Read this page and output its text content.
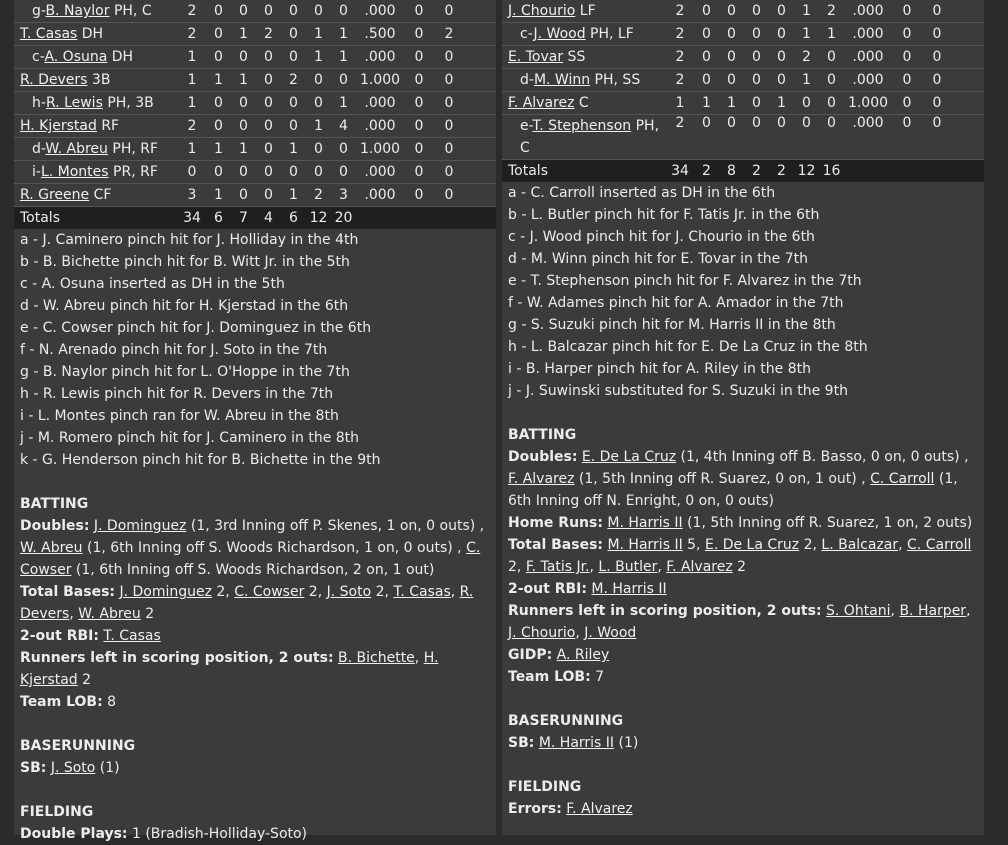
g-B. Naylor PH, C	2	0	0	0	0	0	0	.000	0	0	
T. Casas DH	2	0	1	2	0	1	1	.500	0	2	
c-A. Osuna DH	1	0	0	0	0	1	1	.000	0	0	
R. Devers 3B	1	1	1	0	2	0	0	1.000	0	0	
h-R. Lewis PH, 3B	1	0	0	0	0	0	1	.000	0	0	
H. Kjerstad RF	2	0	0	0	0	1	4	.000	0	0	
d-W. Abreu PH, RF	1	1	1	0	1	0	0	1.000	0	0	
i-L. Montes PR, RF	0	0	0	0	0	0	0	.000	0	0	
R. Greene CF	3	1	0	0	1	2	3	.000	0	0	
Totals	34	6	7	4	6	12	20				
a - J. Caminero pinch hit for J. Holliday in the 4th
b - B. Bichette pinch hit for B. Witt Jr. in the 5th
c - A. Osuna inserted as DH in the 5th
d - W. Abreu pinch hit for H. Kjerstad in the 6th
e - C. Cowser pinch hit for J. Dominguez in the 6th
f - N. Arenado pinch hit for J. Soto in the 7th
g - B. Naylor pinch hit for L. O'Hoppe in the 7th
h - R. Lewis pinch hit for R. Devers in the 7th
i - L. Montes pinch ran for W. Abreu in the 8th
j - M. Romero pinch hit for J. Caminero in the 8th
k - G. Henderson pinch hit for B. Bichette in the 9th
BATTING
Doubles: J. Dominguez (1, 3rd Inning off P. Skenes, 1 on, 0 outs) , W. Abreu (1, 6th Inning off S. Woods Richardson, 1 on, 0 outs) , C. Cowser (1, 6th Inning off S. Woods Richardson, 2 on, 1 out)
Total Bases: J. Dominguez 2, C. Cowser 2, J. Soto 2, T. Casas, R. Devers, W. Abreu 2
2-out RBI: T. Casas
Runners left in scoring position, 2 outs: B. Bichette, H. Kjerstad 2
Team LOB: 8
BASERUNNING
SB: J. Soto (1)
FIELDING
Double Plays: 1 (Bradish-Holliday-Soto)
J. Chourio LF	2	0	0	0	0	1	2	.000	0	0	
c-J. Wood PH, LF	2	0	0	0	0	1	1	.000	0	0	
E. Tovar SS	2	0	0	0	0	2	0	.000	0	0	
d-M. Winn PH, SS	2	0	0	0	0	1	0	.000	0	0	
F. Alvarez C	1	1	1	0	1	0	0	1.000	0	0	
e-T. Stephenson PH, C	2	0	0	0	0	0	0	.000	0	0	
Totals	34	2	8	2	2	12	16				
a - C. Carroll inserted as DH in the 6th
b - L. Butler pinch hit for F. Tatis Jr. in the 6th
c - J. Wood pinch hit for J. Chourio in the 6th
d - M. Winn pinch hit for E. Tovar in the 7th
e - T. Stephenson pinch hit for F. Alvarez in the 7th
f - W. Adames pinch hit for A. Amador in the 7th
g - S. Suzuki pinch hit for M. Harris II in the 8th
h - L. Balcazar pinch hit for E. De La Cruz in the 8th
i - B. Harper pinch hit for A. Riley in the 8th
j - J. Suwinski substituted for S. Suzuki in the 9th
BATTING
Doubles: E. De La Cruz (1, 4th Inning off B. Basso, 0 on, 0 outs) , F. Alvarez (1, 5th Inning off R. Suarez, 0 on, 1 out) , C. Carroll (1, 6th Inning off N. Enright, 0 on, 0 outs)
Home Runs: M. Harris II (1, 5th Inning off R. Suarez, 1 on, 2 outs)
Total Bases: M. Harris II 5, E. De La Cruz 2, L. Balcazar, C. Carroll 2, F. Tatis Jr., L. Butler, F. Alvarez 2
2-out RBI: M. Harris II
Runners left in scoring position, 2 outs: S. Ohtani, B. Harper, J. Chourio, J. Wood
GIDP: A. Riley
Team LOB: 7
BASERUNNING
SB: M. Harris II (1)
FIELDING
Errors: F. Alvarez
